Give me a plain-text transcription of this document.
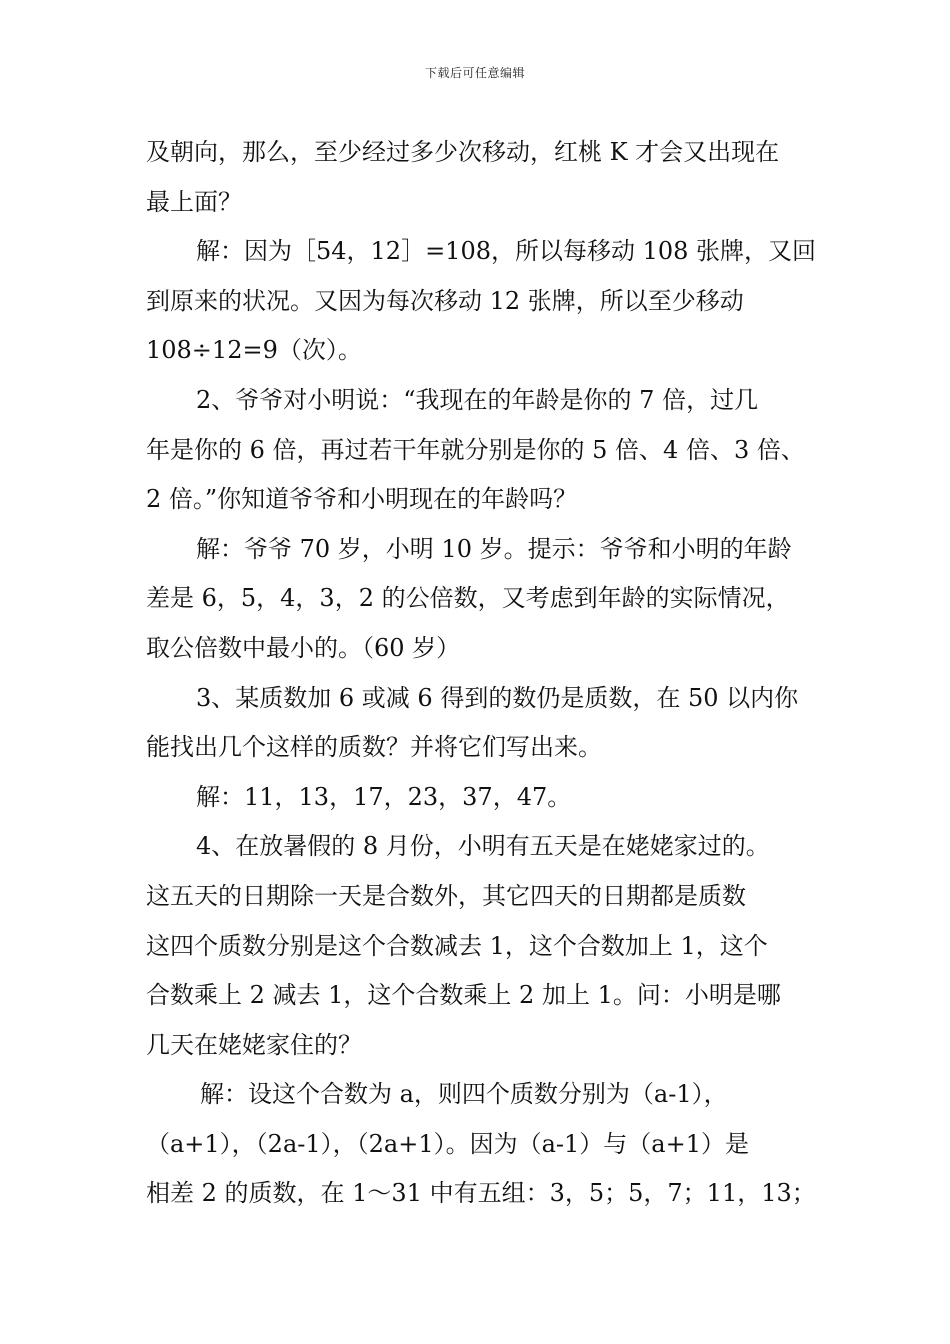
下载后可任意编辑
及朝向，那么，至少经过多少次移动，红桃 K 才会又出现在
最上面？
解：因为［54，12］=108，所以每移动 108 张牌，又回
到原来的状况。又因为每次移动 12 张牌，所以至少移动
108÷12=9（次）。
2、爷爷对小明说：“我现在的年龄是你的 7 倍，过几
年是你的 6 倍，再过若干年就分别是你的 5 倍、4 倍、3 倍、
2 倍。”你知道爷爷和小明现在的年龄吗？
解：爷爷 70 岁，小明 10 岁。提示：爷爷和小明的年龄
差是 6，5，4，3，2 的公倍数，又考虑到年龄的实际情况，
取公倍数中最小的。（60 岁）
3、某质数加 6 或减 6 得到的数仍是质数，在 50 以内你
能找出几个这样的质数？并将它们写出来。
解：11，13，17，23，37，47。
4、在放暑假的 8 月份，小明有五天是在姥姥家过的。
这五天的日期除一天是合数外，其它四天的日期都是质数
这四个质数分别是这个合数减去 1，这个合数加上 1，这个
合数乘上 2 减去 1，这个合数乘上 2 加上 1。问：小明是哪
几天在姥姥家住的？
解：设这个合数为 a，则四个质数分别为（a-1），
（a+1），（2a-1），（2a+1）。因为（a-1）与（a+1）是
相差 2 的质数，在 1～31 中有五组：3，5；5，7；11，13；
